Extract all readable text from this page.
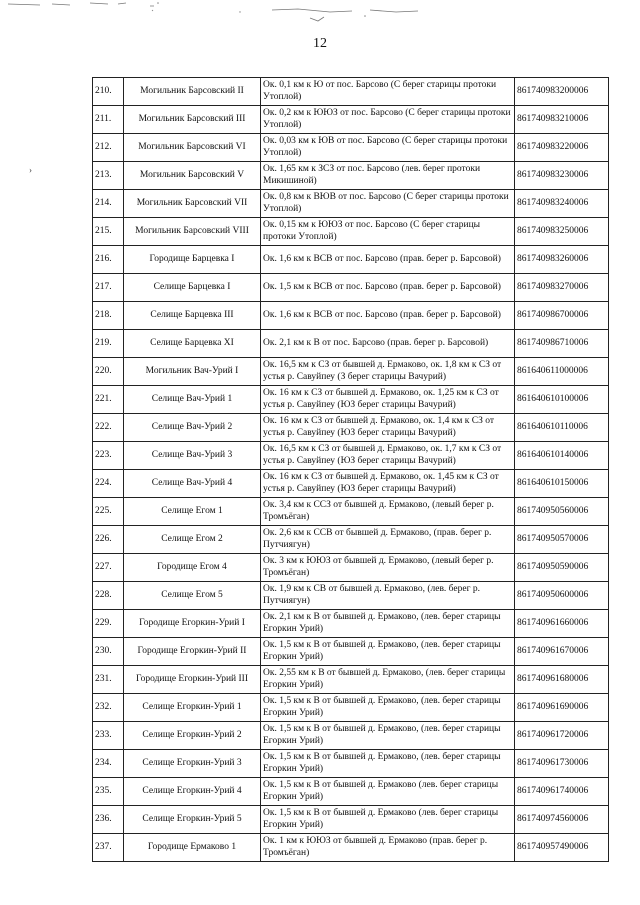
12
›
210.	Могильник Барсовский II	Ок. 0,1 км к Ю от пос. Барсово (С берег старицы протоки Утоплой)	861740983200006
211.	Могильник Барсовский III	Ок. 0,2 км к ЮЮЗ от пос. Барсово (С берег старицы протоки Утоплой)	861740983210006
212.	Могильник Барсовский VI	Ок. 0,03 км к ЮВ от пос. Барсово (С берег старицы протоки Утоплой)	861740983220006
213.	Могильник Барсовский V	Ок. 1,65 км к ЗСЗ от пос. Барсово (лев. берег протоки Микишиной)	861740983230006
214.	Могильник Барсовский VII	Ок. 0,8 км к ВЮВ от пос. Барсово (С берег старицы протоки Утоплой)	861740983240006
215.	Могильник Барсовский VIII	Ок. 0,15 км к ЮЮЗ от пос. Барсово (С берег старицы протоки Утоплой)	861740983250006
216.	Городище Барцевка I	Ок. 1,6 км к ВСВ от пос. Барсово (прав. берег р. Барсовой)	861740983260006
217.	Селище Барцевка I	Ок. 1,5 км к ВСВ от пос. Барсово (прав. берег р. Барсовой)	861740983270006
218.	Селище Барцевка III	Ок. 1,6 км к ВСВ от пос. Барсово (прав. берег р. Барсовой)	861740986700006
219.	Селище Барцевка XI	Ок. 2,1 км к В от пос. Барсово (прав. берег р. Барсовой)	861740986710006
220.	Могильник Вач-Урий I	Ок. 16,5 км к СЗ от бывшей д. Ермаково, ок. 1,8 км к СЗ от устья р. Савуйпеу (З берег старицы Вачурий)	861640611000006
221.	Селище Вач-Урий 1	Ок. 16 км к СЗ от бывшей д. Ермаково, ок. 1,25 км к СЗ от устья р. Савуйпеу (ЮЗ берег старицы Вачурий)	861640610100006
222.	Селище Вач-Урий 2	Ок. 16 км к СЗ от бывшей д. Ермаково, ок. 1,4 км к СЗ от устья р. Савуйпеу (ЮЗ берег старицы Вачурий)	861640610110006
223.	Селище Вач-Урий 3	Ок. 16,5 км к СЗ от бывшей д. Ермаково, ок. 1,7 км к СЗ от устья р. Савуйпеу (ЮЗ берег старицы Вачурий)	861640610140006
224.	Селище Вач-Урий 4	Ок. 16 км к СЗ от бывшей д. Ермаково, ок. 1,45 км к СЗ от устья р. Савуйпеу (ЮЗ берег старицы Вачурий)	861640610150006
225.	Селище Егом 1	Ок. 3,4 км к ССЗ от бывшей д. Ермаково, (левый берег р. Тромъёган)	861740950560006
226.	Селище Егом 2	Ок. 2,6 км к ССВ от бывшей д. Ермаково, (прав. берег р. Путчиягун)	861740950570006
227.	Городище Егом 4	Ок. 3 км к ЮЮЗ от бывшей д. Ермаково, (левый берег р. Тромъёган)	861740950590006
228.	Селище Егом 5	Ок. 1,9 км к СВ от бывшей д. Ермаково, (лев. берег р. Путчиягун)	861740950600006
229.	Городище Егоркин-Урий I	Ок. 2,1 км к В от бывшей д. Ермаково, (лев. берег старицы Егоркин Урий)	861740961660006
230.	Городище Егоркин-Урий II	Ок. 1,5 км к В от бывшей д. Ермаково, (лев. берег старицы Егоркин Урий)	861740961670006
231.	Городище Егоркин-Урий III	Ок. 2,55 км к В от бывшей д. Ермаково, (лев. берег старицы Егоркин Урий)	861740961680006
232.	Селище Егоркин-Урий 1	Ок. 1,5 км к В от бывшей д. Ермаково, (лев. берег старицы Егоркин Урий)	861740961690006
233.	Селище Егоркин-Урий 2	Ок. 1,5 км к В от бывшей д. Ермаково, (лев. берег старицы Егоркин Урий)	861740961720006
234.	Селище Егоркин-Урий 3	Ок. 1,5 км к В от бывшей д. Ермаково, (лев. берег старицы Егоркин Урий)	861740961730006
235.	Селище Егоркин-Урий 4	Ок. 1,5 км к В от бывшей д. Ермаково (лев. берег старицы Егоркин Урий)	861740961740006
236.	Селище Егоркин-Урий 5	Ок. 1,5 км к В от бывшей д. Ермаково (лев. берег старицы Егоркин Урий)	861740974560006
237.	Городище Ермаково 1	Ок. 1 км к ЮЮЗ от бывшей д. Ермаково (прав. берег р. Тромъёган)	861740957490006
